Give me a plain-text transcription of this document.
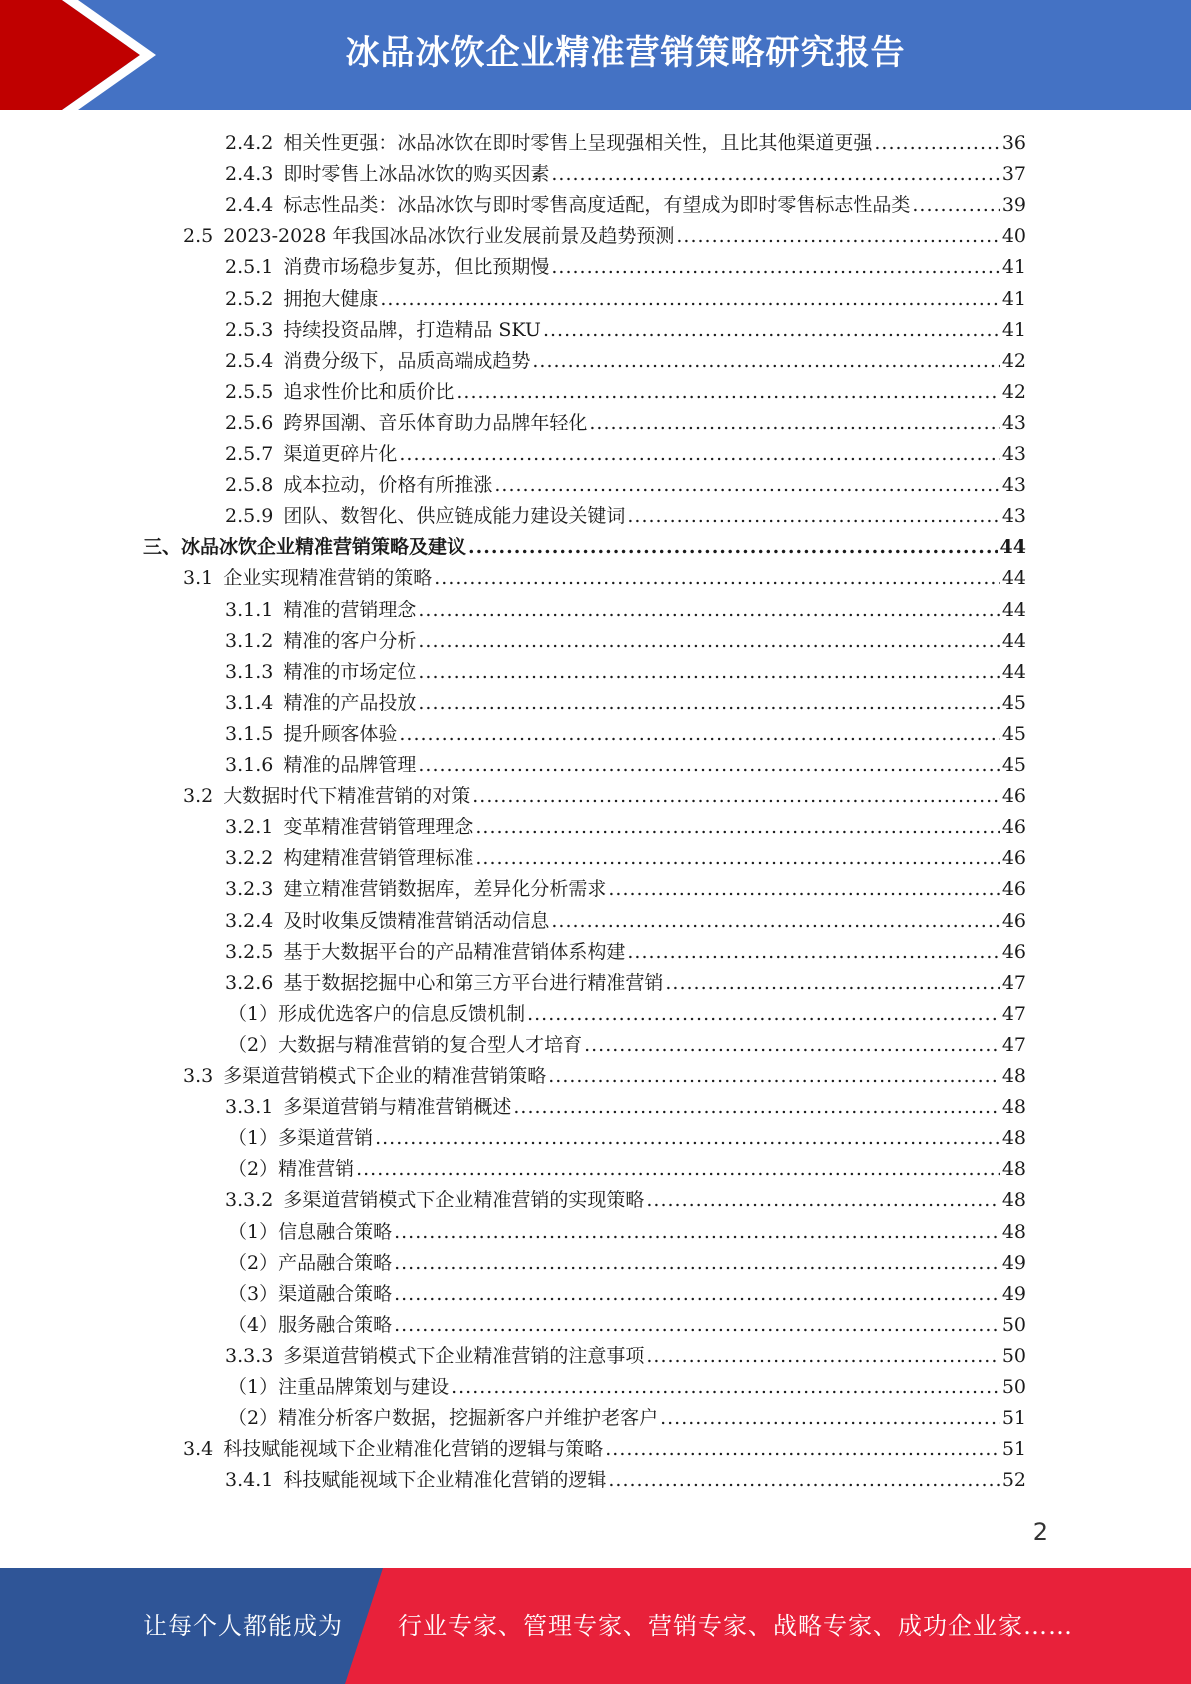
冰品冰饮企业精准营销策略研究报告
2.4.2 相关性更强：冰品冰饮在即时零售上呈现强相关性，且比其他渠道更强 .....	36
2.4.3 即时零售上冰品冰饮的购买因素 .....	37
2.4.4 标志性品类：冰品冰饮与即时零售高度适配，有望成为即时零售标志性品类 .....	39
2.5 2023-2028 年我国冰品冰饮行业发展前景及趋势预测 .....	40
2.5.1 消费市场稳步复苏，但比预期慢 .....	41
2.5.2 拥抱大健康 .....	41
2.5.3 持续投资品牌，打造精品 SKU .....	41
2.5.4 消费分级下，品质高端成趋势 .....	42
2.5.5 追求性价比和质价比 .....	42
2.5.6 跨界国潮、音乐体育助力品牌年轻化 .....	43
2.5.7 渠道更碎片化 .....	43
2.5.8 成本拉动，价格有所推涨 .....	43
2.5.9 团队、数智化、供应链成能力建设关键词 .....	43
三、冰品冰饮企业精准营销策略及建议 .....	44
3.1 企业实现精准营销的策略 .....	44
3.1.1 精准的营销理念 .....	44
3.1.2 精准的客户分析 .....	44
3.1.3 精准的市场定位 .....	44
3.1.4 精准的产品投放 .....	45
3.1.5 提升顾客体验 .....	45
3.1.6 精准的品牌管理 .....	45
3.2 大数据时代下精准营销的对策 .....	46
3.2.1 变革精准营销管理理念 .....	46
3.2.2 构建精准营销管理标准 .....	46
3.2.3 建立精准营销数据库，差异化分析需求 .....	46
3.2.4 及时收集反馈精准营销活动信息 .....	46
3.2.5 基于大数据平台的产品精准营销体系构建 .....	46
3.2.6 基于数据挖掘中心和第三方平台进行精准营销 .....	47
（1）形成优选客户的信息反馈机制 .....	47
（2）大数据与精准营销的复合型人才培育 .....	47
3.3 多渠道营销模式下企业的精准营销策略 .....	48
3.3.1 多渠道营销与精准营销概述 .....	48
（1）多渠道营销 .....	48
（2）精准营销 .....	48
3.3.2 多渠道营销模式下企业精准营销的实现策略 .....	48
（1）信息融合策略 .....	48
（2）产品融合策略 .....	49
（3）渠道融合策略 .....	49
（4）服务融合策略 .....	50
3.3.3 多渠道营销模式下企业精准营销的注意事项 .....	50
（1）注重品牌策划与建设 .....	50
（2）精准分析客户数据，挖掘新客户并维护老客户 .....	51
3.4 科技赋能视域下企业精准化营销的逻辑与策略 .....	51
3.4.1 科技赋能视域下企业精准化营销的逻辑 .....	52
2
让每个人都能成为 行业专家、管理专家、营销专家、战略专家、成功企业家……
